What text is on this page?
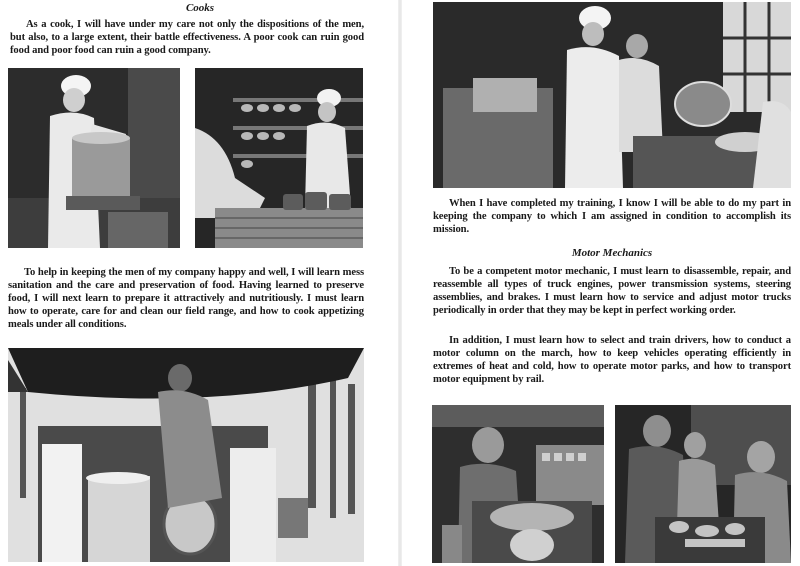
Cooks

As a cook, I will have under my care not only the dispositions of the men, but also, to a large extent, their battle effectiveness. A poor cook can ruin good food and poor food can ruin a good company.

To help in keeping the men of my company happy and well, I will learn mess sanitation and the care and preservation of food. Having learned to preserve food, I will next learn to prepare it attractively and nutritiously. I must learn how to operate, care for and clean our field range, and how to cook appetizing meals under all conditions.

When I have completed my training, I know I will be able to do my part in keeping the company to which I am assigned in condition to accomplish its mission.

Motor Mechanics

To be a competent motor mechanic, I must learn to disassemble, repair, and reassemble all types of truck engines, power transmission systems, steering assemblies, and brakes. I must learn how to service and adjust motor trucks periodically in order that they may be kept in perfect working order.

In addition, I must learn how to select and train drivers, how to conduct a motor column on the march, how to keep vehicles operating efficiently in extremes of heat and cold, how to operate motor parks, and how to transport motor equipment by rail.
